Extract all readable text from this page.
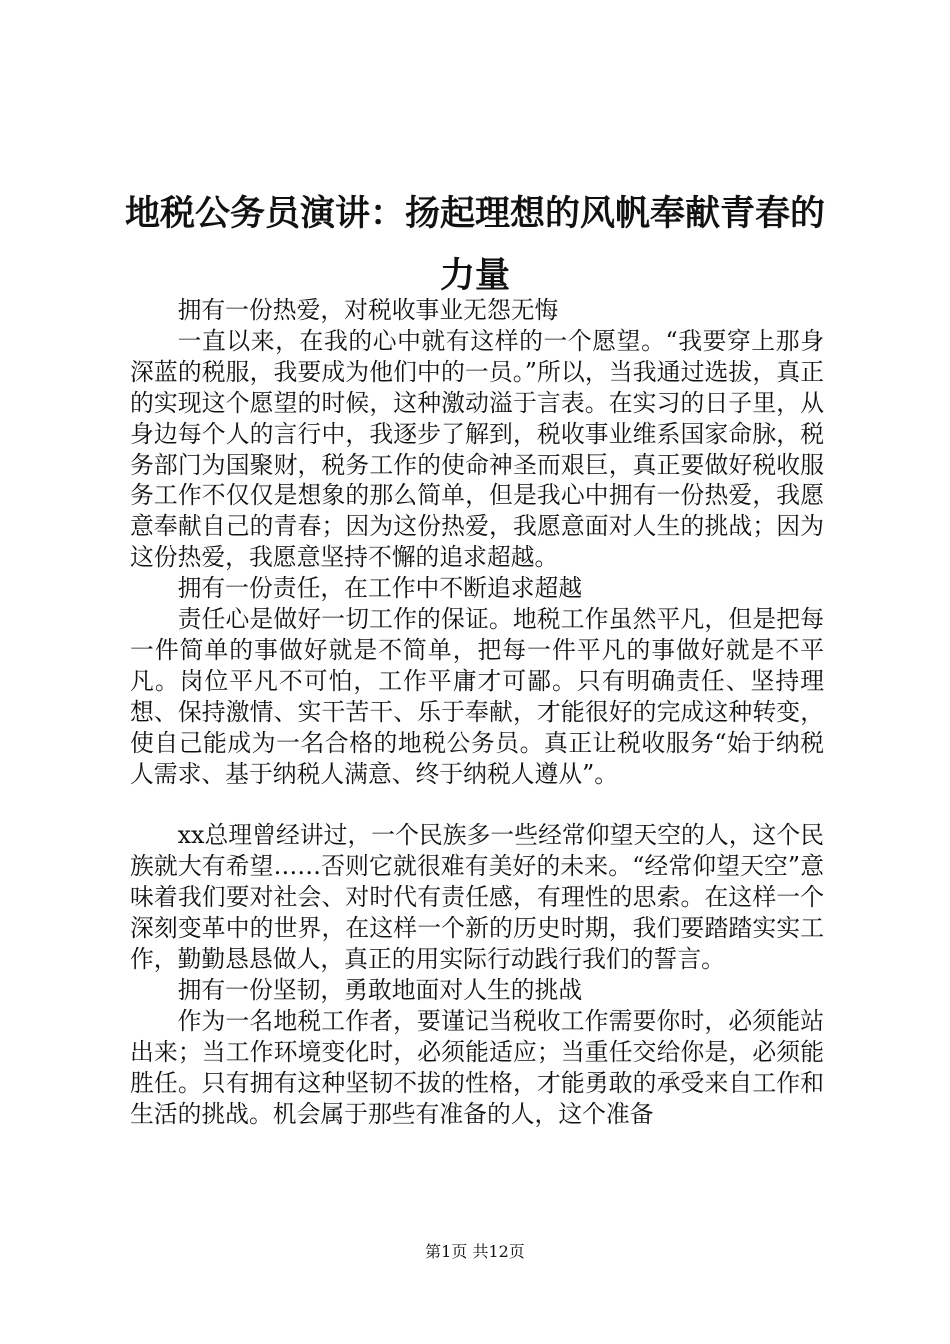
地税公务员演讲：扬起理想的风帆奉献青春的力量

拥有一份热爱，对税收事业无怨无悔

一直以来，在我的心中就有这样的一个愿望。“我要穿上那身深蓝的税服，我要成为他们中的一员。”所以，当我通过选拔，真正的实现这个愿望的时候，这种激动溢于言表。在实习的日子里，从身边每个人的言行中，我逐步了解到，税收事业维系国家命脉，税务部门为国聚财，税务工作的使命神圣而艰巨，真正要做好税收服务工作不仅仅是想象的那么简单，但是我心中拥有一份热爱，我愿意奉献自己的青春；因为这份热爱，我愿意面对人生的挑战；因为这份热爱，我愿意坚持不懈的追求超越。

拥有一份责任，在工作中不断追求超越

责任心是做好一切工作的保证。地税工作虽然平凡，但是把每一件简单的事做好就是不简单，把每一件平凡的事做好就是不平凡。岗位平凡不可怕，工作平庸才可鄙。只有明确责任、坚持理想、保持激情、实干苦干、乐于奉献，才能很好的完成这种转变，使自己能成为一名合格的地税公务员。真正让税收服务“始于纳税人需求、基于纳税人满意、终于纳税人遵从”。

xx总理曾经讲过，一个民族多一些经常仰望天空的人，这个民族就大有希望……否则它就很难有美好的未来。“经常仰望天空”意味着我们要对社会、对时代有责任感，有理性的思索。在这样一个深刻变革中的世界，在这样一个新的历史时期，我们要踏踏实实工作，勤勤恳恳做人，真正的用实际行动践行我们的誓言。

拥有一份坚韧，勇敢地面对人生的挑战

作为一名地税工作者，要谨记当税收工作需要你时，必须能站出来；当工作环境变化时，必须能适应；当重任交给你是，必须能胜任。只有拥有这种坚韧不拔的性格，才能勇敢的承受来自工作和生活的挑战。机会属于那些有准备的人，这个准备

第1页 共12页
